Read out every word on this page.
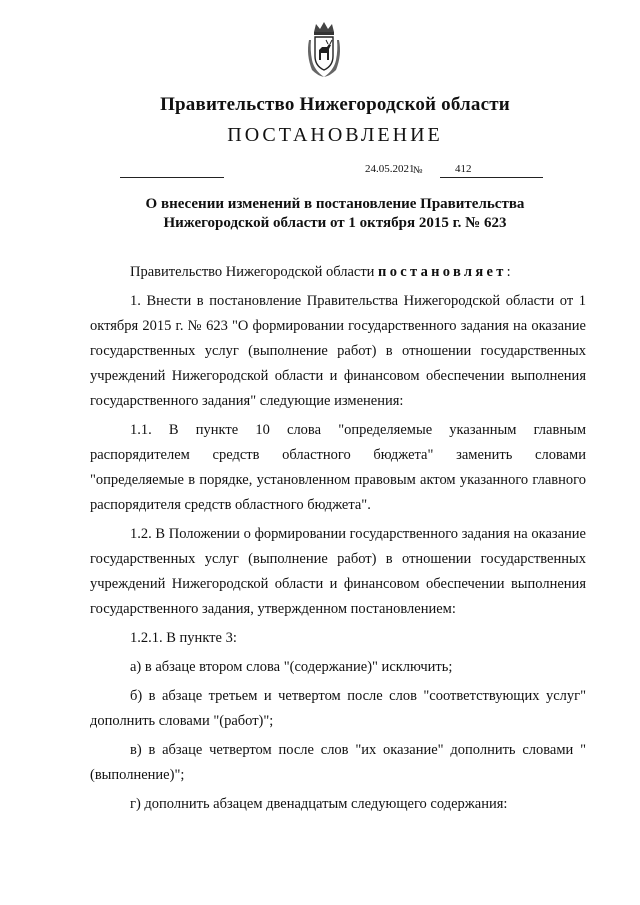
Правительство Нижегородской области
ПОСТАНОВЛЕНИЕ
24.05.2021
№	412
О внесении изменений в постановление Правительства
Нижегородской области от 1 октября 2015 г. № 623

Правительство Нижегородской области постановляет:

1. Внести в постановление Правительства Нижегородской области от 1 октября 2015 г. № 623 "О формировании государственного задания на оказание государственных услуг (выполнение работ) в отношении государственных учреждений Нижегородской области и финансовом обеспечении выполнения государственного задания" следующие изменения:

1.1. В пункте 10 слова "определяемые указанным главным распорядителем средств областного бюджета" заменить словами "определяемые в порядке, установленном правовым актом указанного главного распорядителя средств областного бюджета".

1.2. В Положении о формировании государственного задания на оказание государственных услуг (выполнение работ) в отношении государственных учреждений Нижегородской области и финансовом обеспечении выполнения государственного задания, утвержденном постановлением:

1.2.1. В пункте 3:

а) в абзаце втором слова "(содержание)" исключить;

б) в абзаце третьем и четвертом после слов "соответствующих услуг" дополнить словами "(работ)";

в) в абзаце четвертом после слов "их оказание" дополнить словами "(выполнение)";

г) дополнить абзацем двенадцатым следующего содержания:
